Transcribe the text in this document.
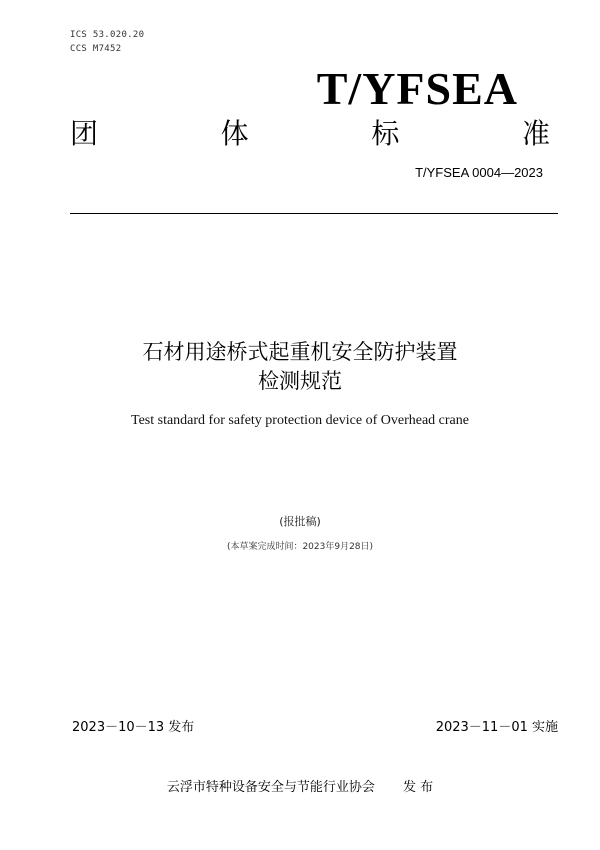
ICS 53.020.20
CCS M7452
T/YFSEA
团	体	标	准
T/YFSEA 0004—2023
石材用途桥式起重机安全防护装置
检测规范
Test standard for safety protection device of Overhead crane
(报批稿)
(本草案完成时间：2023年9月28日)
2023－10－13 发布	2023－11－01 实施
云浮市特种设备安全与节能行业协会 发 布
